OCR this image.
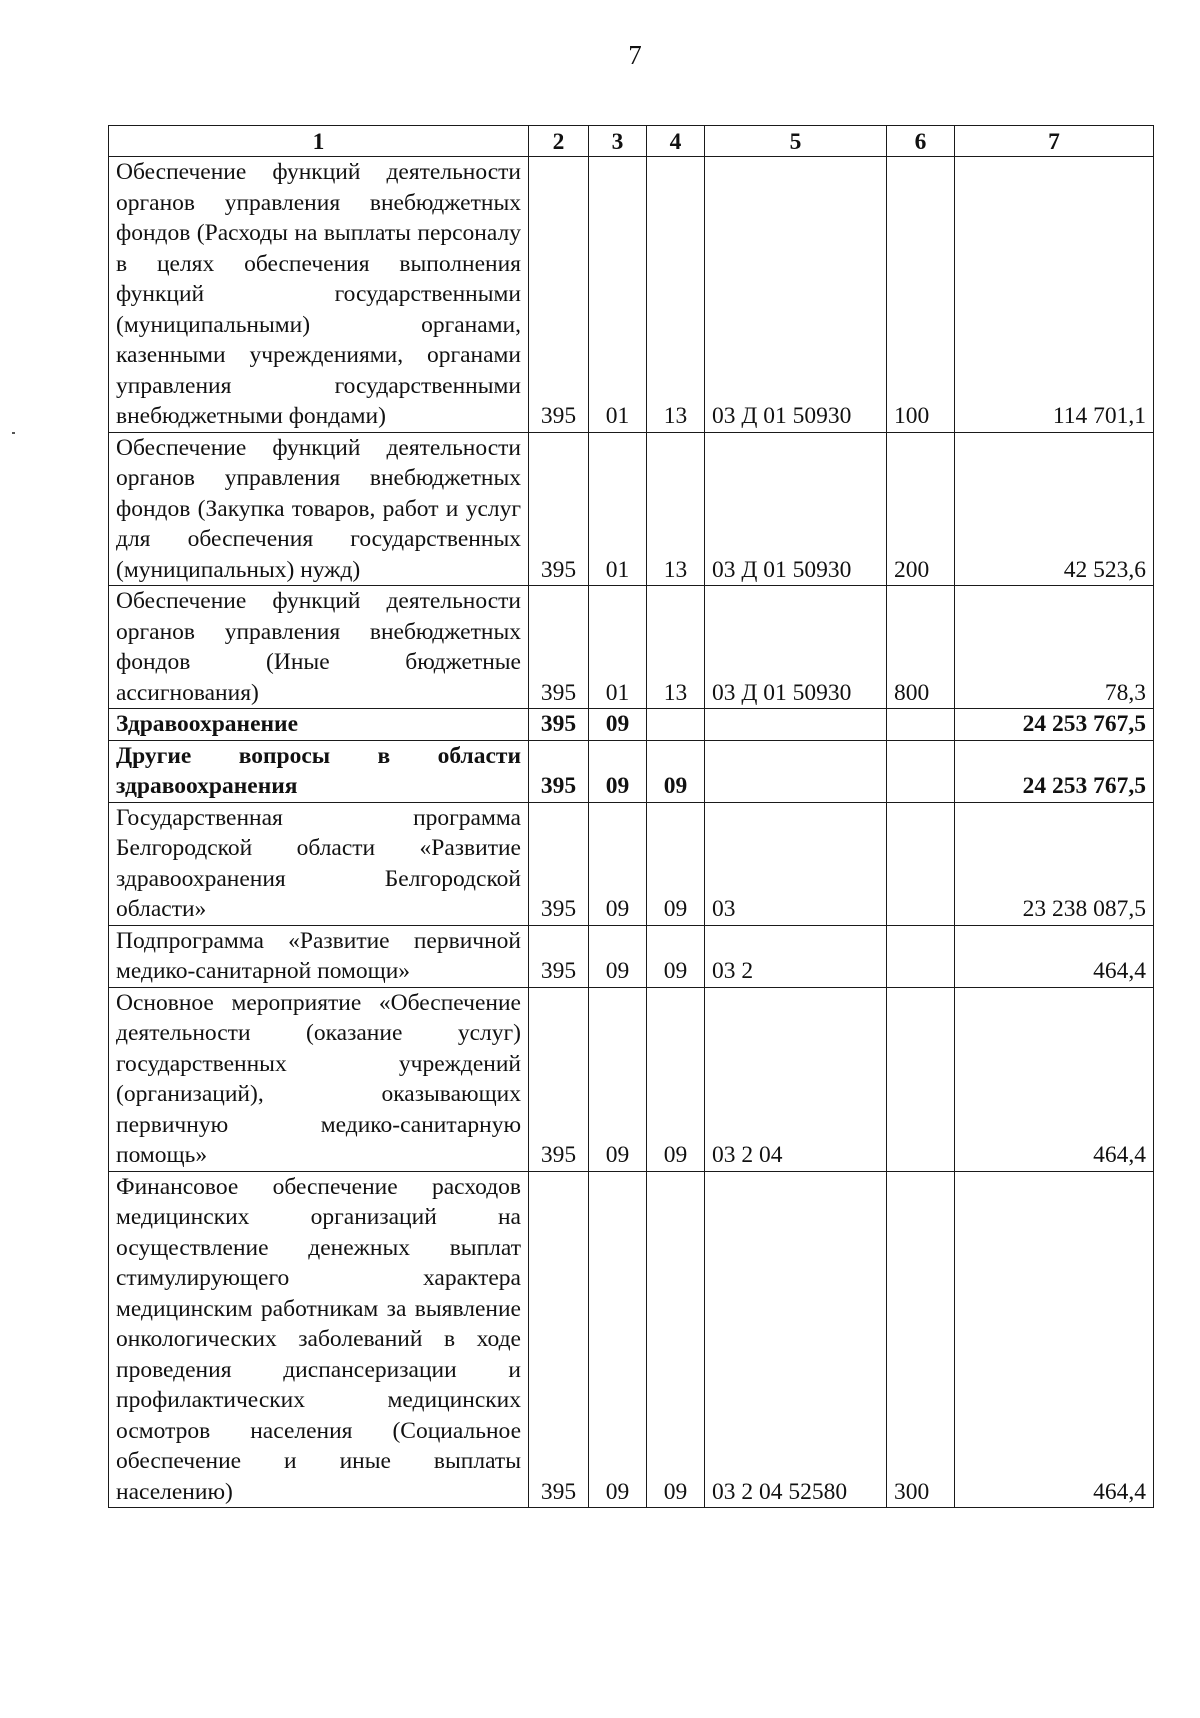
7
1	2	3	4	5	6	7
Обеспечение функций деятельности органов управления внебюджетных фондов (Расходы на выплаты персоналу в целях обеспечения выполнения функций государственными (муниципальными) органами, казенными учреждениями, органами управления государственными внебюджетными фондами)	395	01	13	03 Д 01 50930	100	114 701,1
Обеспечение функций деятельности органов управления внебюджетных фондов (Закупка товаров, работ и услуг для обеспечения государственных (муниципальных) нужд)	395	01	13	03 Д 01 50930	200	42 523,6
Обеспечение функций деятельности органов управления внебюджетных фондов (Иные бюджетные ассигнования)	395	01	13	03 Д 01 50930	800	78,3
Здравоохранение	395	09				24 253 767,5
Другие вопросы в области здравоохранения	395	09	09			24 253 767,5
Государственная программа Белгородской области «Развитие здравоохранения Белгородской области»	395	09	09	03		23 238 087,5
Подпрограмма «Развитие первичной медико-санитарной помощи»	395	09	09	03 2		464,4
Основное мероприятие «Обеспечение деятельности (оказание услуг) государственных учреждений (организаций), оказывающих первичную медико-санитарную помощь»	395	09	09	03 2 04		464,4
Финансовое обеспечение расходов медицинских организаций на осуществление денежных выплат стимулирующего характера медицинским работникам за выявление онкологических заболеваний в ходе проведения диспансеризации и профилактических медицинских осмотров населения (Социальное обеспечение и иные выплаты населению)	395	09	09	03 2 04 52580	300	464,4
